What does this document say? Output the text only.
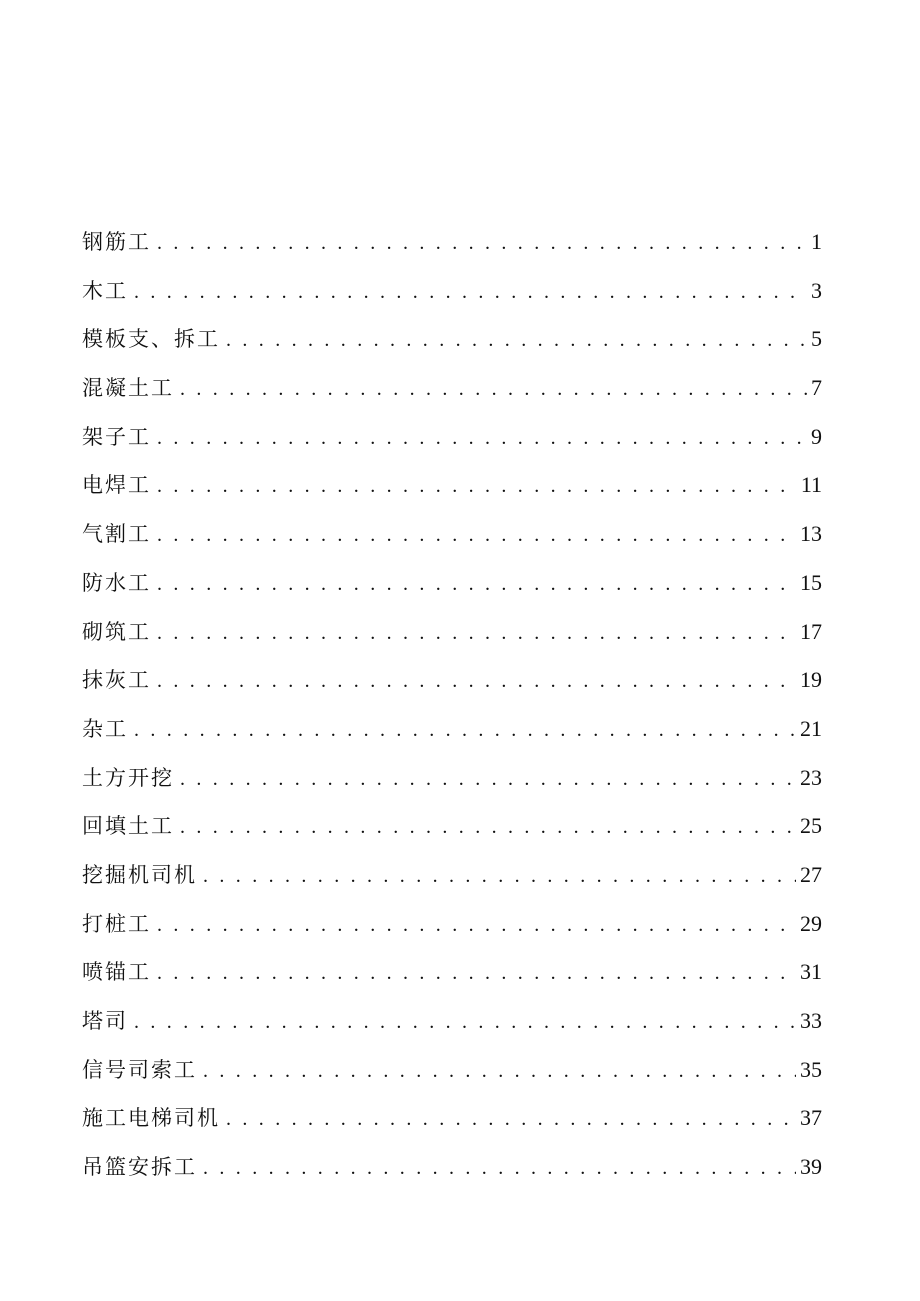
钢筋工 . . .	1
木工 . . .	3
模板支、拆工 . . .	5
混凝土工 . . .	7
架子工 . . .	9
电焊工 . . .	11
气割工 . . .	13
防水工 . . .	15
砌筑工 . . .	17
抹灰工 . . .	19
杂工 . . .	21
土方开挖 . . .	23
回填土工 . . .	25
挖掘机司机 . . .	27
打桩工 . . .	29
喷锚工 . . .	31
塔司 . . .	33
信号司索工 . . .	35
施工电梯司机 . . .	37
吊篮安拆工 . . .	39
